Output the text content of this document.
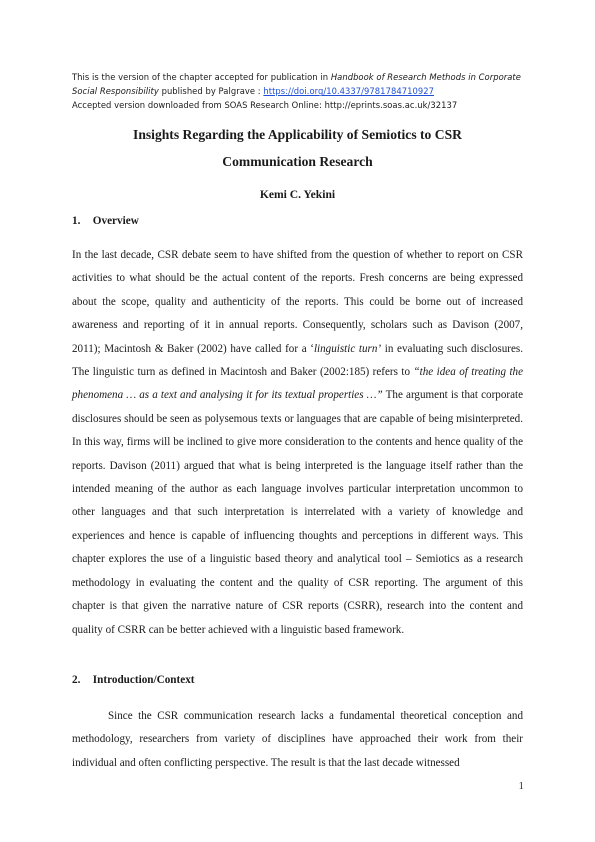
This is the version of the chapter accepted for publication in Handbook of Research Methods in Corporate Social Responsibility published by Palgrave : https://doi.org/10.4337/9781784710927
Accepted version downloaded from SOAS Research Online: http://eprints.soas.ac.uk/32137
Insights Regarding the Applicability of Semiotics to CSR
Communication Research
Kemi C. Yekini
1. Overview

In the last decade, CSR debate seem to have shifted from the question of whether to report on CSR activities to what should be the actual content of the reports. Fresh concerns are being expressed about the scope, quality and authenticity of the reports. This could be borne out of increased awareness and reporting of it in annual reports. Consequently, scholars such as Davison (2007, 2011); Macintosh & Baker (2002) have called for a ‘linguistic turn’ in evaluating such disclosures. The linguistic turn as defined in Macintosh and Baker (2002:185) refers to “the idea of treating the phenomena … as a text and analysing it for its textual properties …” The argument is that corporate disclosures should be seen as polysemous texts or languages that are capable of being misinterpreted. In this way, firms will be inclined to give more consideration to the contents and hence quality of the reports. Davison (2011) argued that what is being interpreted is the language itself rather than the intended meaning of the author as each language involves particular interpretation uncommon to other languages and that such interpretation is interrelated with a variety of knowledge and experiences and hence is capable of influencing thoughts and perceptions in different ways. This chapter explores the use of a linguistic based theory and analytical tool – Semiotics as a research methodology in evaluating the content and the quality of CSR reporting. The argument of this chapter is that given the narrative nature of CSR reports (CSRR), research into the content and quality of CSRR can be better achieved with a linguistic based framework.

2. Introduction/Context

Since the CSR communication research lacks a fundamental theoretical conception and methodology, researchers from variety of disciplines have approached their work from their individual and often conflicting perspective. The result is that the last decade witnessed

1
